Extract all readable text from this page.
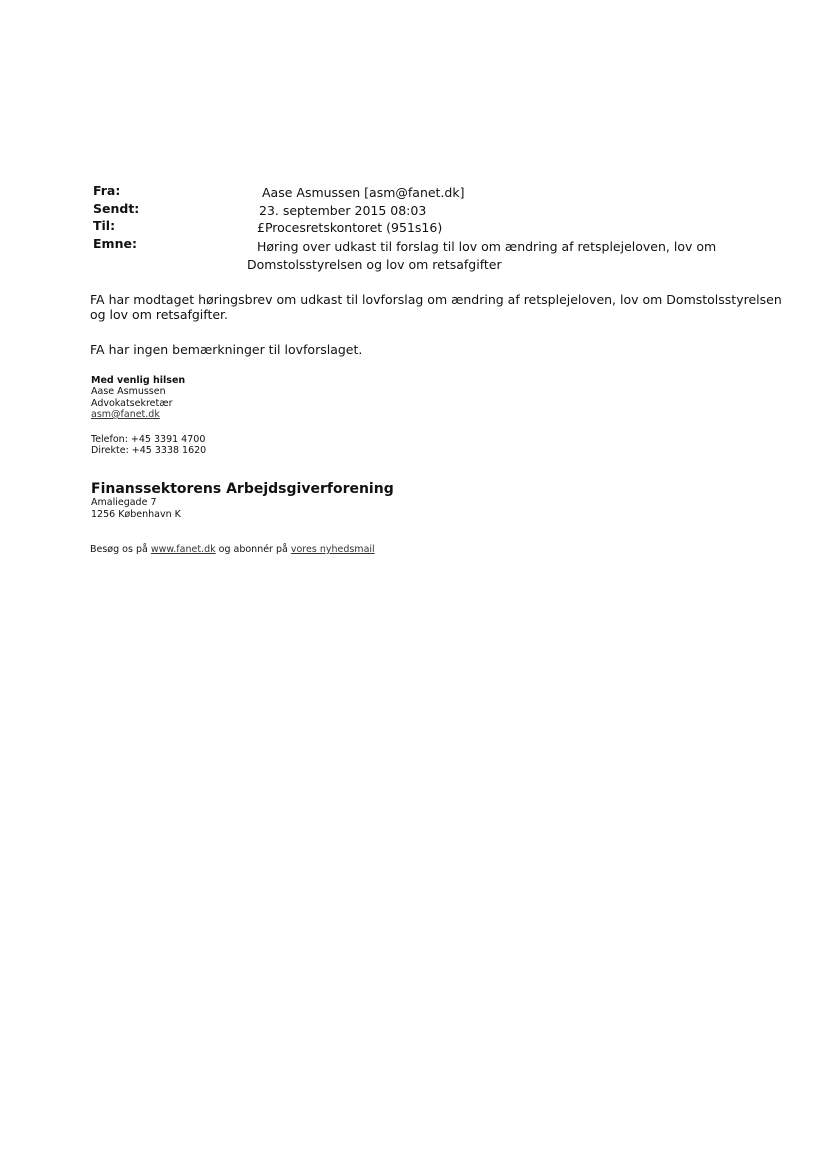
Fra:	Aase Asmussen [asm@fanet.dk]
Sendt:	23. september 2015 08:03
Til:	£Procesretskontoret (951s16)
Emne:	Høring over udkast til forslag til lov om ændring af retsplejeloven, lov om
Domstolsstyrelsen og lov om retsafgifter
FA har modtaget høringsbrev om udkast til lovforslag om ændring af retsplejeloven, lov om Domstolsstyrelsen
og lov om retsafgifter.
FA har ingen bemærkninger til lovforslaget.
Med venlig hilsen
Aase Asmussen
Advokatsekretær
asm@fanet.dk
Telefon: +45 3391 4700
Direkte: +45 3338 1620
Finanssektorens Arbejdsgiverforening
Amaliegade 7
1256 København K
Besøg os på www.fanet.dk og abonnér på vores nyhedsmail
